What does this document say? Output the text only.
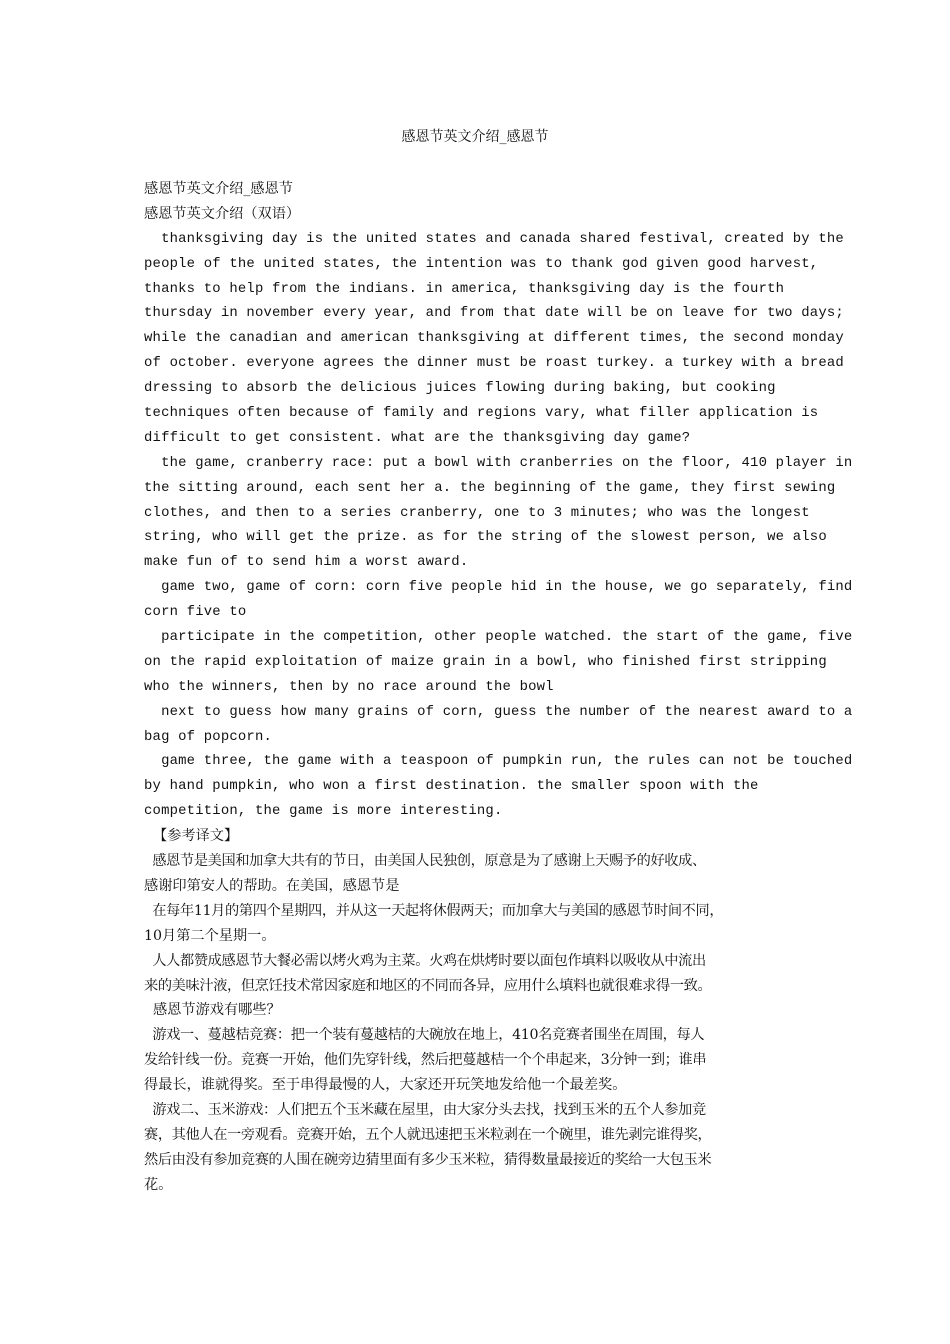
感恩节英文介绍_感恩节
感恩节英文介绍_感恩节
感恩节英文介绍（双语）
thanksgiving day is the united states and canada shared festival, created by the
people of the united states, the intention was to thank god given good harvest,
thanks to help from the indians. in america, thanksgiving day is the fourth
thursday in november every year, and from that date will be on leave for two days;
while the canadian and american thanksgiving at different times, the second monday
of october. everyone agrees the dinner must be roast turkey. a turkey with a bread
dressing to absorb the delicious juices flowing during baking, but cooking
techniques often because of family and regions vary, what filler application is
difficult to get consistent. what are the thanksgiving day game?
the game, cranberry race: put a bowl with cranberries on the floor, 410 player in
the sitting around, each sent her a. the beginning of the game, they first sewing
clothes, and then to a series cranberry, one to 3 minutes; who was the longest
string, who will get the prize. as for the string of the slowest person, we also
make fun of to send him a worst award.
game two, game of corn: corn five people hid in the house, we go separately, find
corn five to
participate in the competition, other people watched. the start of the game, five
on the rapid exploitation of maize grain in a bowl, who finished first stripping
who the winners, then by no race around the bowl
next to guess how many grains of corn, guess the number of the nearest award to a
bag of popcorn.
game three, the game with a teaspoon of pumpkin run, the rules can not be touched
by hand pumpkin, who won a first destination. the smaller spoon with the
competition, the game is more interesting.
【参考译文】
感恩节是美国和加拿大共有的节日，由美国人民独创，原意是为了感谢上天赐予的好收成、
感谢印第安人的帮助。在美国，感恩节是
在每年11月的第四个星期四，并从这一天起将休假两天；而加拿大与美国的感恩节时间不同，
10月第二个星期一。
人人都赞成感恩节大餐必需以烤火鸡为主菜。火鸡在烘烤时要以面包作填料以吸收从中流出
来的美味汁液，但烹饪技术常因家庭和地区的不同而各异，应用什么填料也就很难求得一致。
感恩节游戏有哪些？
游戏一、蔓越桔竞赛：把一个装有蔓越桔的大碗放在地上，410名竞赛者围坐在周围，每人
发给针线一份。竞赛一开始，他们先穿针线，然后把蔓越桔一个个串起来，3分钟一到；谁串
得最长，谁就得奖。至于串得最慢的人，大家还开玩笑地发给他一个最差奖。
游戏二、玉米游戏：人们把五个玉米藏在屋里，由大家分头去找，找到玉米的五个人参加竞
赛，其他人在一旁观看。竞赛开始，五个人就迅速把玉米粒剥在一个碗里，谁先剥完谁得奖，
然后由没有参加竞赛的人围在碗旁边猜里面有多少玉米粒，猜得数量最接近的奖给一大包玉米
花。
